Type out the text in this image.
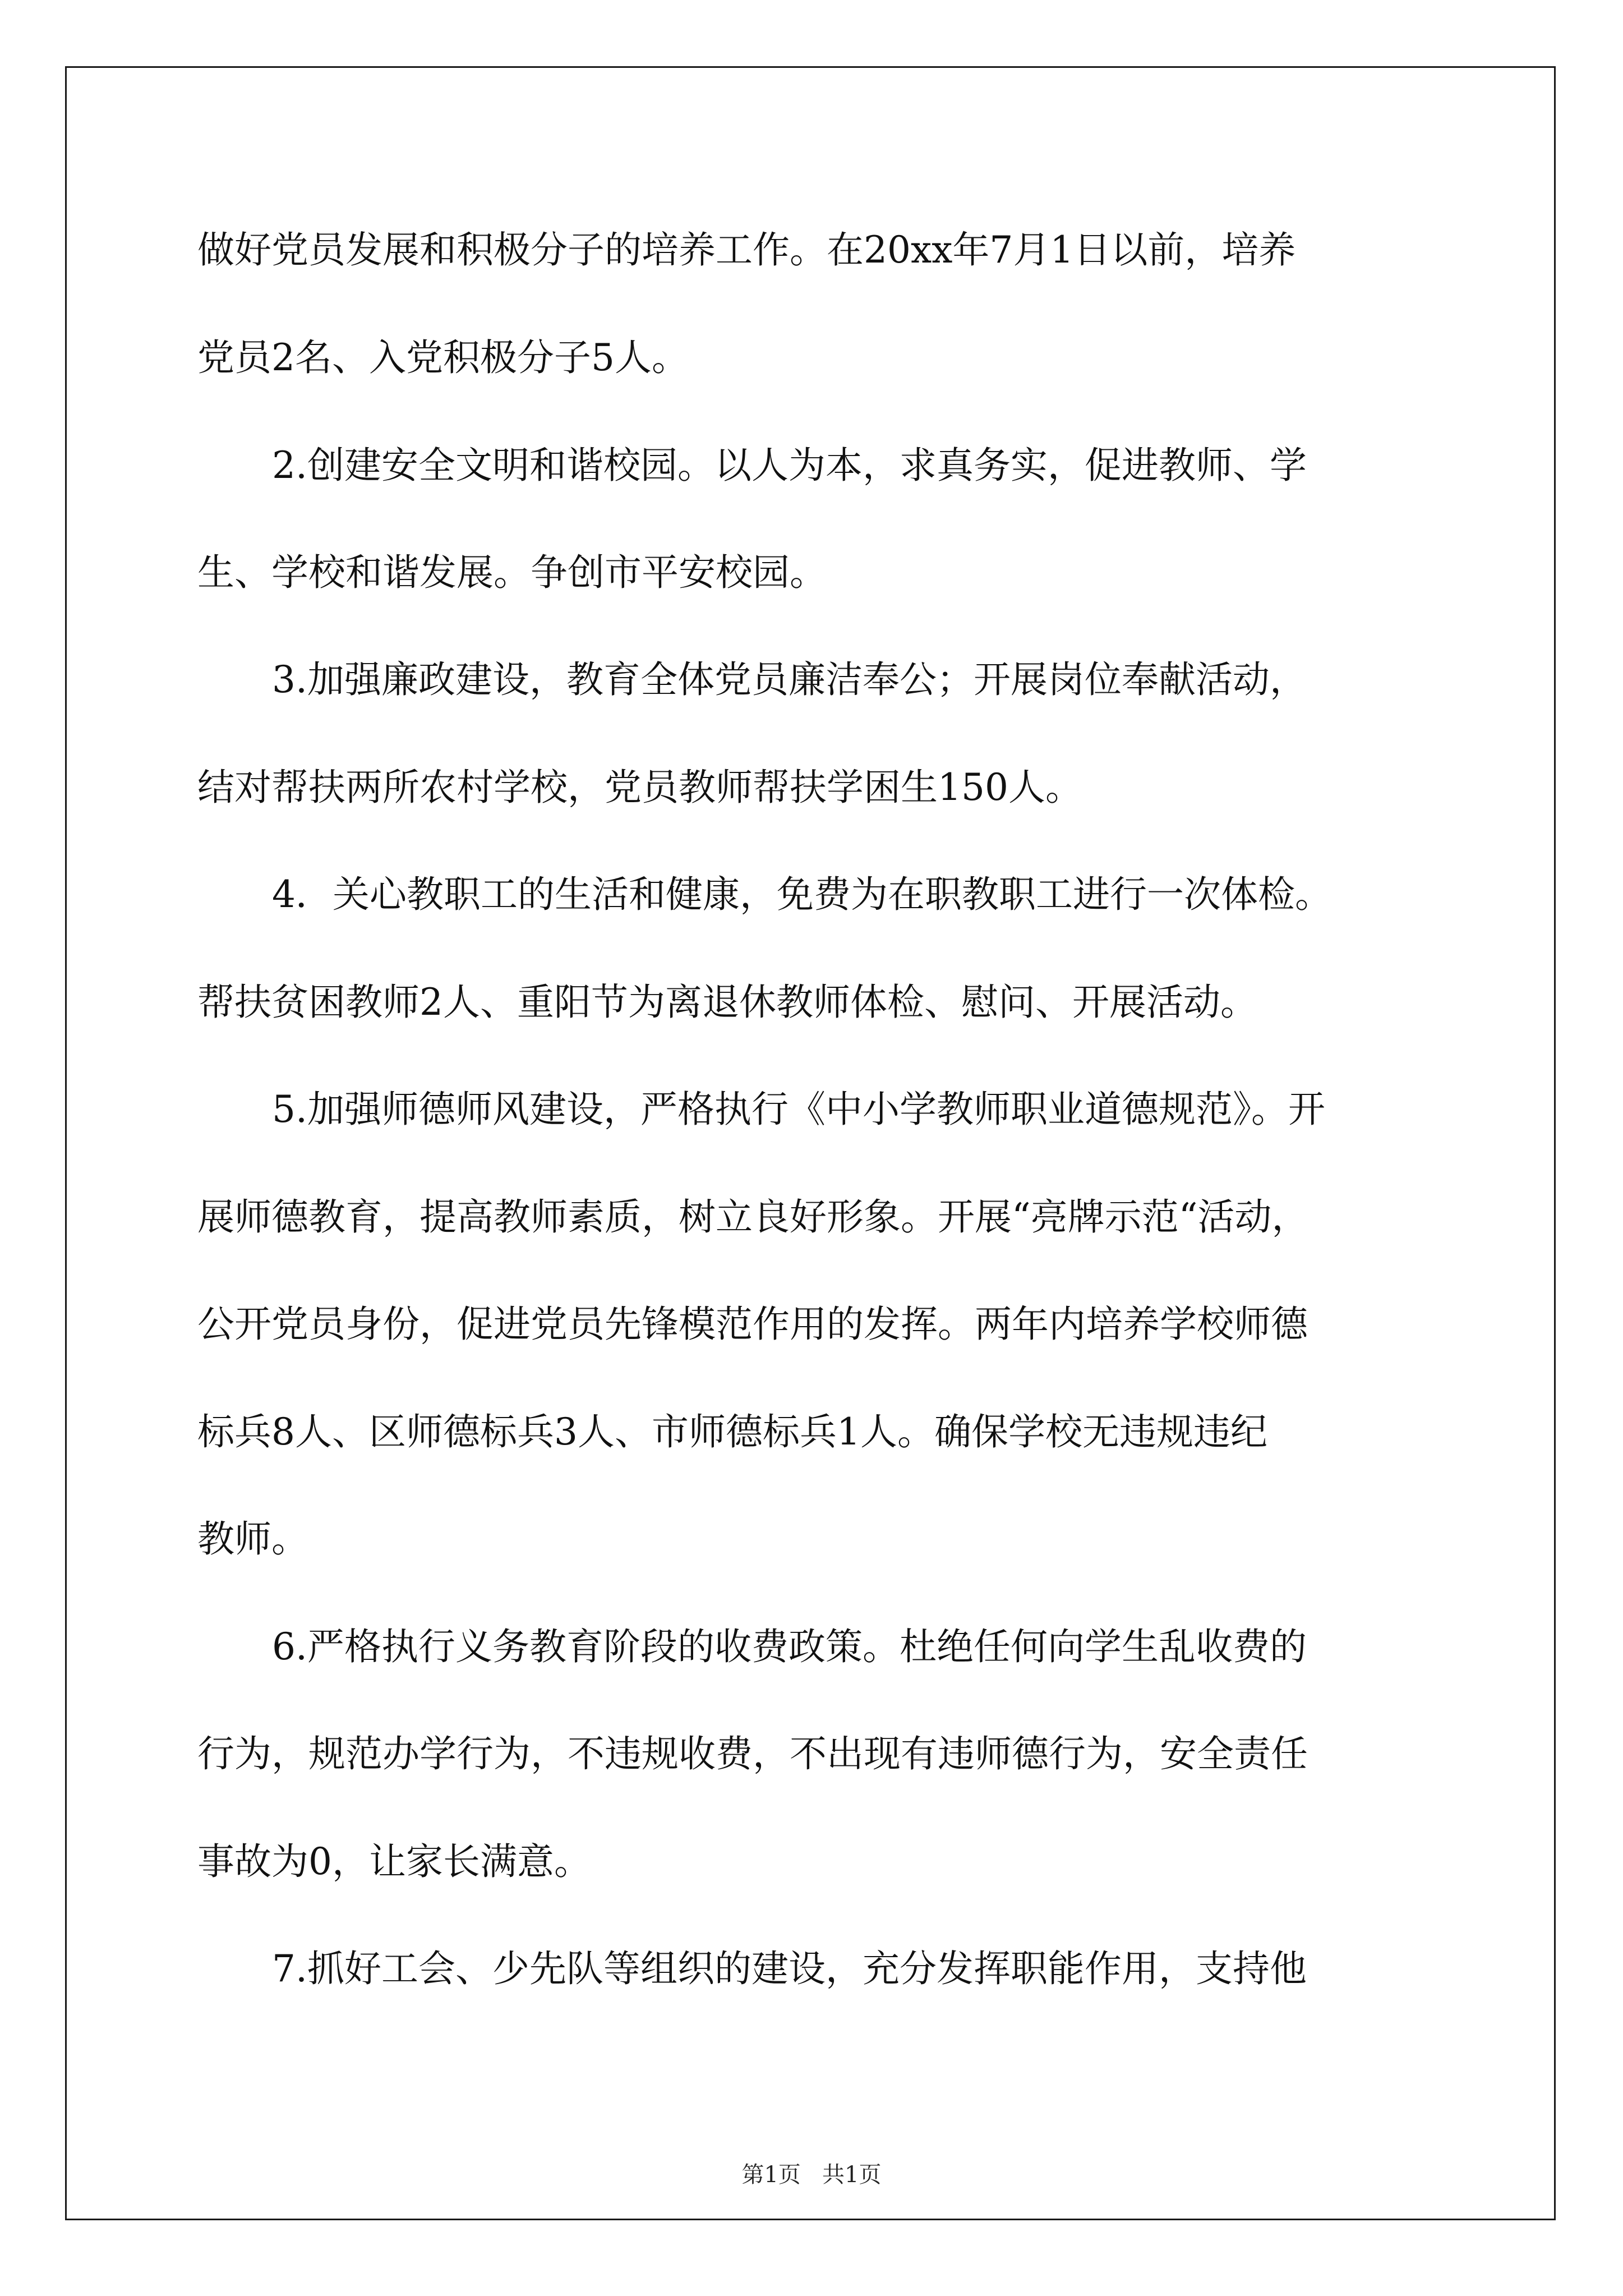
做好党员发展和积极分子的培养工作。在20xx年7月1日以前，培养
党员2名、入党积极分子5人。
2.创建安全文明和谐校园。以人为本，求真务实，促进教师、学
生、学校和谐发展。争创市平安校园。
3.加强廉政建设，教育全体党员廉洁奉公；开展岗位奉献活动，
结对帮扶两所农村学校，党员教师帮扶学困生150人。
4．关心教职工的生活和健康，免费为在职教职工进行一次体检。
帮扶贫困教师2人、重阳节为离退休教师体检、慰问、开展活动。
5.加强师德师风建设，严格执行《中小学教师职业道德规范》。开
展师德教育，提高教师素质，树立良好形象。开展“亮牌示范“活动，
公开党员身份，促进党员先锋模范作用的发挥。两年内培养学校师德
标兵8人、区师德标兵3人、市师德标兵1人。确保学校无违规违纪
教师。
6.严格执行义务教育阶段的收费政策。杜绝任何向学生乱收费的
行为，规范办学行为，不违规收费，不出现有违师德行为，安全责任
事故为0，让家长满意。
7.抓好工会、少先队等组织的建设，充分发挥职能作用，支持他
第1页   共1页
